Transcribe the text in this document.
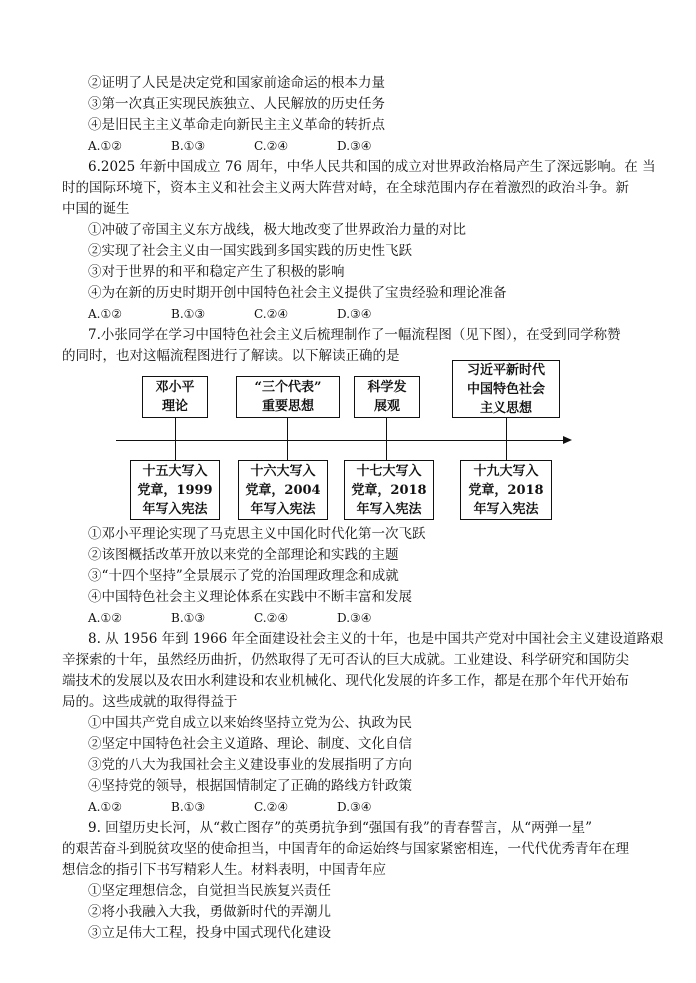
②证明了人民是决定党和国家前途命运的根本力量
③第一次真正实现民族独立、人民解放的历史任务
④是旧民主主义革命走向新民主主义革命的转折点
A.①②	B.①③	C.②④	D.③④
6.2025 年新中国成立 76 周年，中华人民共和国的成立对世界政治格局产生了深远影响。在 当
时的国际环境下，资本主义和社会主义两大阵营对峙，在全球范围内存在着激烈的政治斗争。新
中国的诞生
①冲破了帝国主义东方战线，极大地改变了世界政治力量的对比
②实现了社会主义由一国实践到多国实践的历史性飞跃
③对于世界的和平和稳定产生了积极的影响
④为在新的历史时期开创中国特色社会主义提供了宝贵经验和理论准备
A.①②	B.①③	C.②④	D.③④
7.小张同学在学习中国特色社会主义后梳理制作了一幅流程图（见下图），在受到同学称赞
的同时，也对这幅流程图进行了解读。以下解读正确的是
邓小平
理论
“三个代表”
重要思想
科学发
展观
习近平新时代
中国特色社会
主义思想
十五大写入
党章，1999
年写入宪法
十六大写入
党章，2004
年写入宪法
十七大写入
党章，2018
年写入宪法
十九大写入
党章，2018
年写入宪法
①邓小平理论实现了马克思主义中国化时代化第一次飞跃
②该图概括改革开放以来党的全部理论和实践的主题
③“十四个坚持”全景展示了党的治国理政理念和成就
④中国特色社会主义理论体系在实践中不断丰富和发展
A.①②	B.①③	C.②④	D.③④
8. 从 1956 年到 1966 年全面建设社会主义的十年，也是中国共产党对中国社会主义建设道路艰
辛探索的十年，虽然经历曲折，仍然取得了无可否认的巨大成就。工业建设、科学研究和国防尖
端技术的发展以及农田水利建设和农业机械化、现代化发展的许多工作，都是在那个年代开始布
局的。这些成就的取得得益于
①中国共产党自成立以来始终坚持立党为公、执政为民
②坚定中国特色社会主义道路、理论、制度、文化自信
③党的八大为我国社会主义建设事业的发展指明了方向
④坚持党的领导，根据国情制定了正确的路线方针政策
A.①②	B.①③	C.②④	D.③④
9. 回望历史长河，从“救亡图存”的英勇抗争到“强国有我”的青春誓言，从“两弹一星”
的艰苦奋斗到脱贫攻坚的使命担当，中国青年的命运始终与国家紧密相连，一代代优秀青年在理
想信念的指引下书写精彩人生。材料表明，中国青年应
①坚定理想信念，自觉担当民族复兴责任
②将小我融入大我，勇做新时代的弄潮儿
③立足伟大工程，投身中国式现代化建设
